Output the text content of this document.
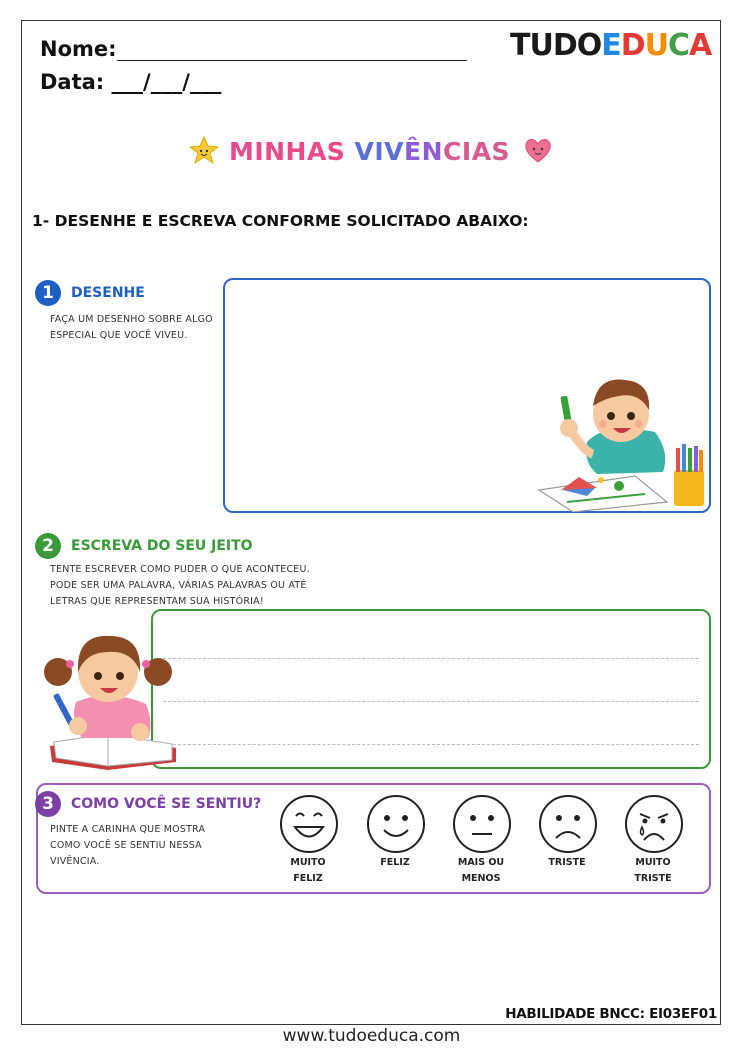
Nome:
Data: ___/___/___
TUDOEDUCA
MINHAS VIVÊNCIAS
1- DESENHE E ESCREVA CONFORME SOLICITADO ABAIXO:
1	DESENHE
FAÇA UM DESENHO SOBRE ALGO
ESPECIAL QUE VOCÊ VIVEU.
2	ESCREVA DO SEU JEITO
TENTE ESCREVER COMO PUDER O QUE ACONTECEU.
PODE SER UMA PALAVRA, VÁRIAS PALAVRAS OU ATÉ
LETRAS QUE REPRESENTAM SUA HISTÓRIA!
3	COMO VOCÊ SE SENTIU?
PINTE A CARINHA QUE MOSTRA
COMO VOCÊ SE SENTIU NESSA
VIVÊNCIA.	MUITO
FELIZ
FELIZ	MAIS OU
MENOS
TRISTE	MUITO
TRISTE
HABILIDADE BNCC: EI03EF01
www.tudoeduca.com
